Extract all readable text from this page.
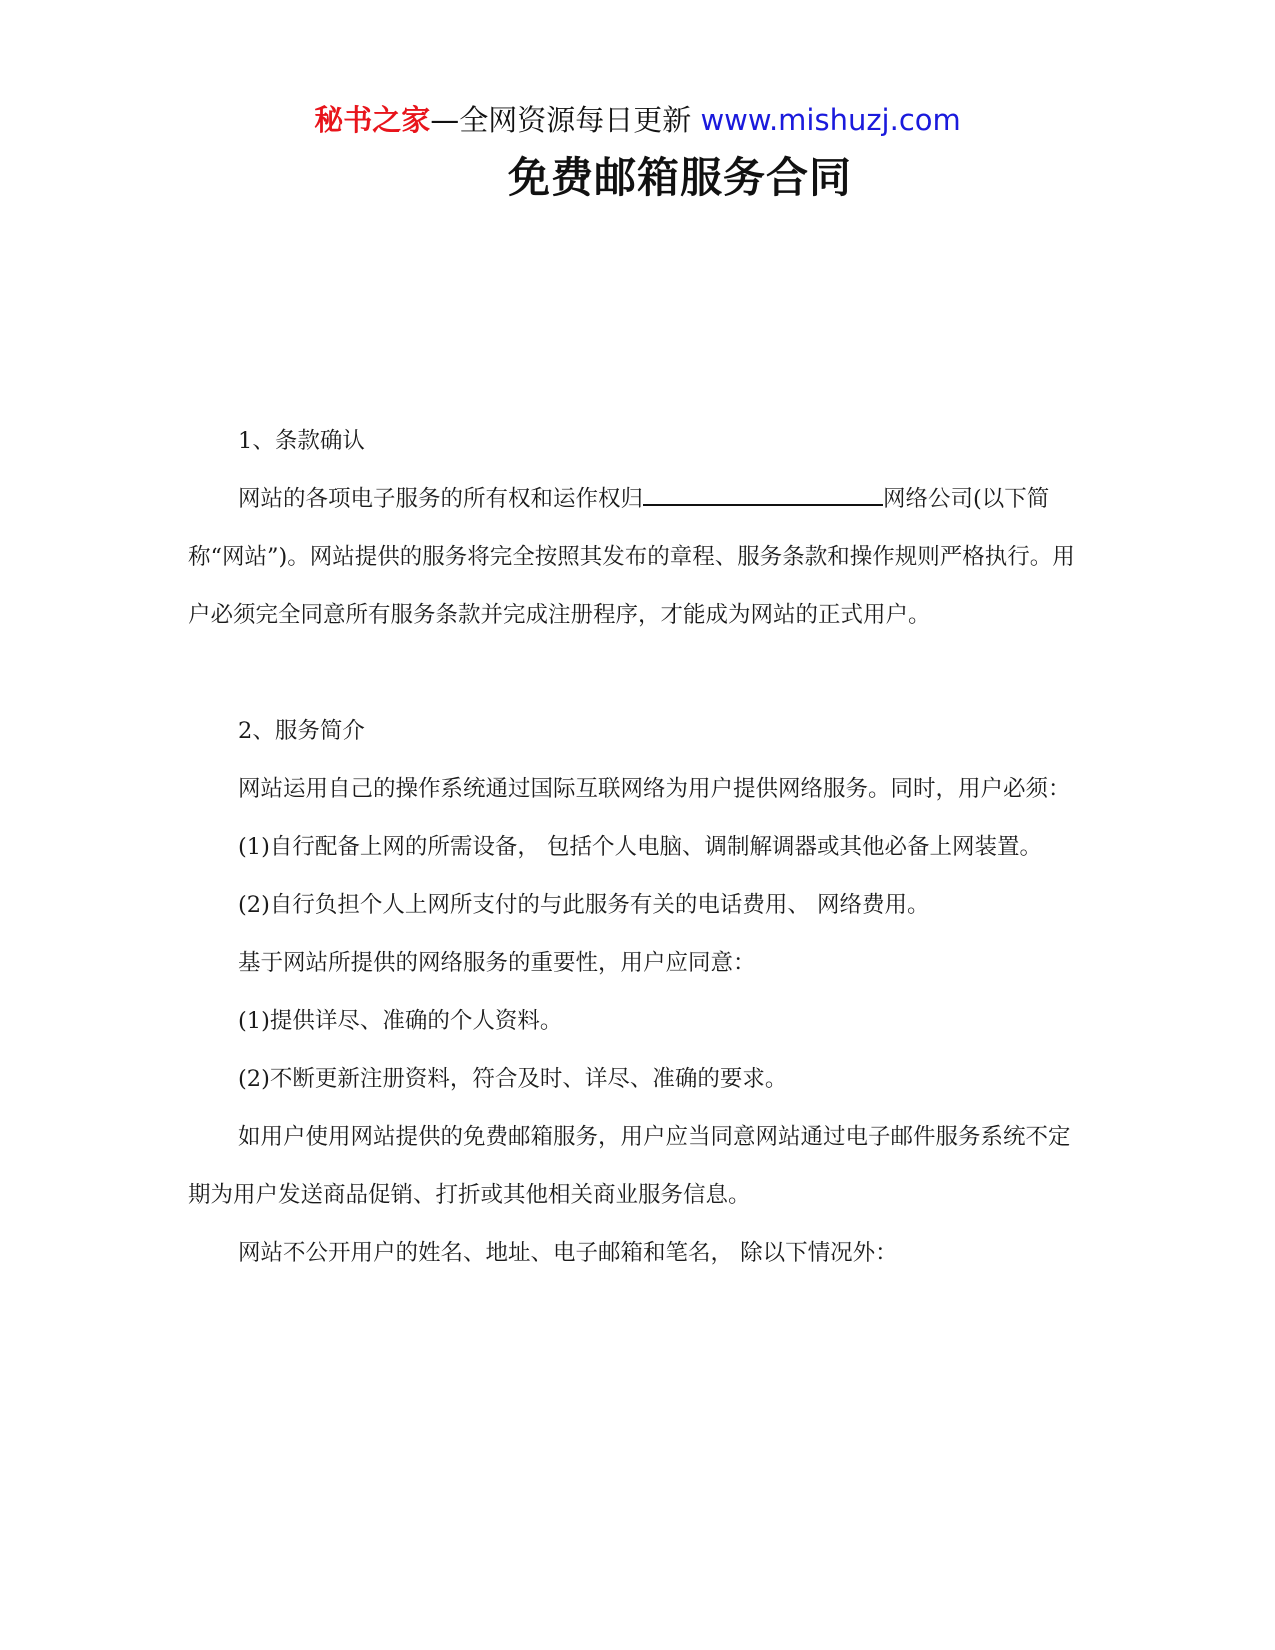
秘书之家—全网资源每日更新 www.mishuzj.com
免费邮箱服务合同

1、条款确认

网站的各项电子服务的所有权和运作权归	网络公司(以下简称“网站”)。网站提供的服务将完全按照其发布的章程、服务条款和操作规则严格执行。用户必须完全同意所有服务条款并完成注册程序，才能成为网站的正式用户。

2、服务简介

网站运用自己的操作系统通过国际互联网络为用户提供网络服务。同时，用户必须：

(1)自行配备上网的所需设备， 包括个人电脑、调制解调器或其他必备上网装置。

(2)自行负担个人上网所支付的与此服务有关的电话费用、 网络费用。

基于网站所提供的网络服务的重要性，用户应同意：

(1)提供详尽、准确的个人资料。

(2)不断更新注册资料，符合及时、详尽、准确的要求。

如用户使用网站提供的免费邮箱服务，用户应当同意网站通过电子邮件服务系统不定期为用户发送商品促销、打折或其他相关商业服务信息。

网站不公开用户的姓名、地址、电子邮箱和笔名， 除以下情况外：
